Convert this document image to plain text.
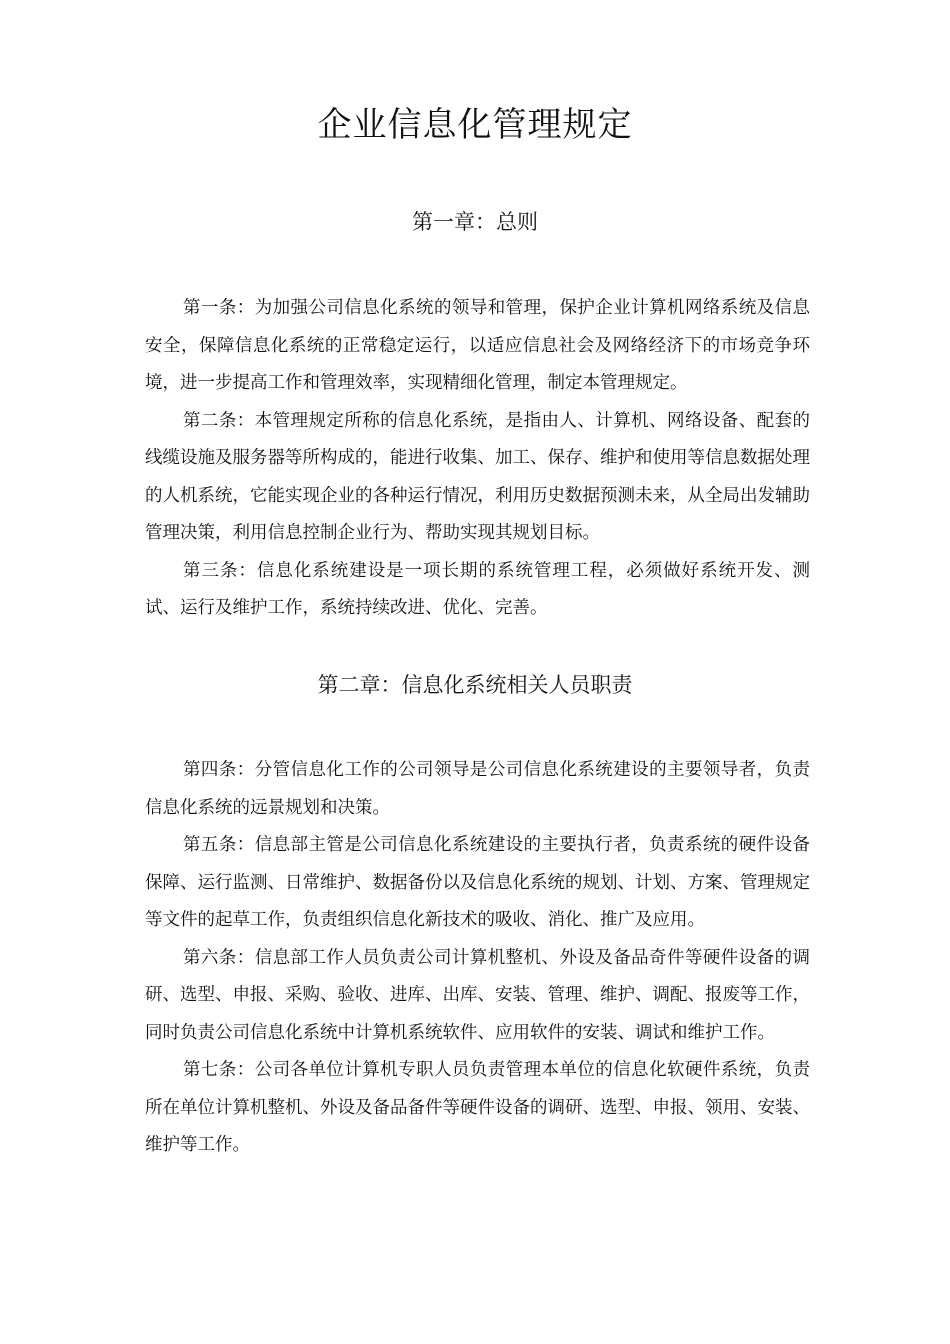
企业信息化管理规定
第一章：总则

第一条：为加强公司信息化系统的领导和管理，保护企业计算机网络系统及信息安全，保障信息化系统的正常稳定运行，以适应信息社会及网络经济下的市场竞争环境，进一步提高工作和管理效率，实现精细化管理，制定本管理规定。

第二条：本管理规定所称的信息化系统，是指由人、计算机、网络设备、配套的线缆设施及服务器等所构成的，能进行收集、加工、保存、维护和使用等信息数据处理的人机系统，它能实现企业的各种运行情况，利用历史数据预测未来，从全局出发辅助管理决策，利用信息控制企业行为、帮助实现其规划目标。

第三条：信息化系统建设是一项长期的系统管理工程，必须做好系统开发、测试、运行及维护工作，系统持续改进、优化、完善。

第二章：信息化系统相关人员职责

第四条：分管信息化工作的公司领导是公司信息化系统建设的主要领导者，负责信息化系统的远景规划和决策。

第五条：信息部主管是公司信息化系统建设的主要执行者，负责系统的硬件设备保障、运行监测、日常维护、数据备份以及信息化系统的规划、计划、方案、管理规定等文件的起草工作，负责组织信息化新技术的吸收、消化、推广及应用。

第六条：信息部工作人员负责公司计算机整机、外设及备品奇件等硬件设备的调研、选型、申报、采购、验收、进库、出库、安装、管理、维护、调配、报废等工作，同时负责公司信息化系统中计算机系统软件、应用软件的安装、调试和维护工作。

第七条：公司各单位计算机专职人员负责管理本单位的信息化软硬件系统，负责所在单位计算机整机、外设及备品备件等硬件设备的调研、选型、申报、领用、安装、维护等工作。
